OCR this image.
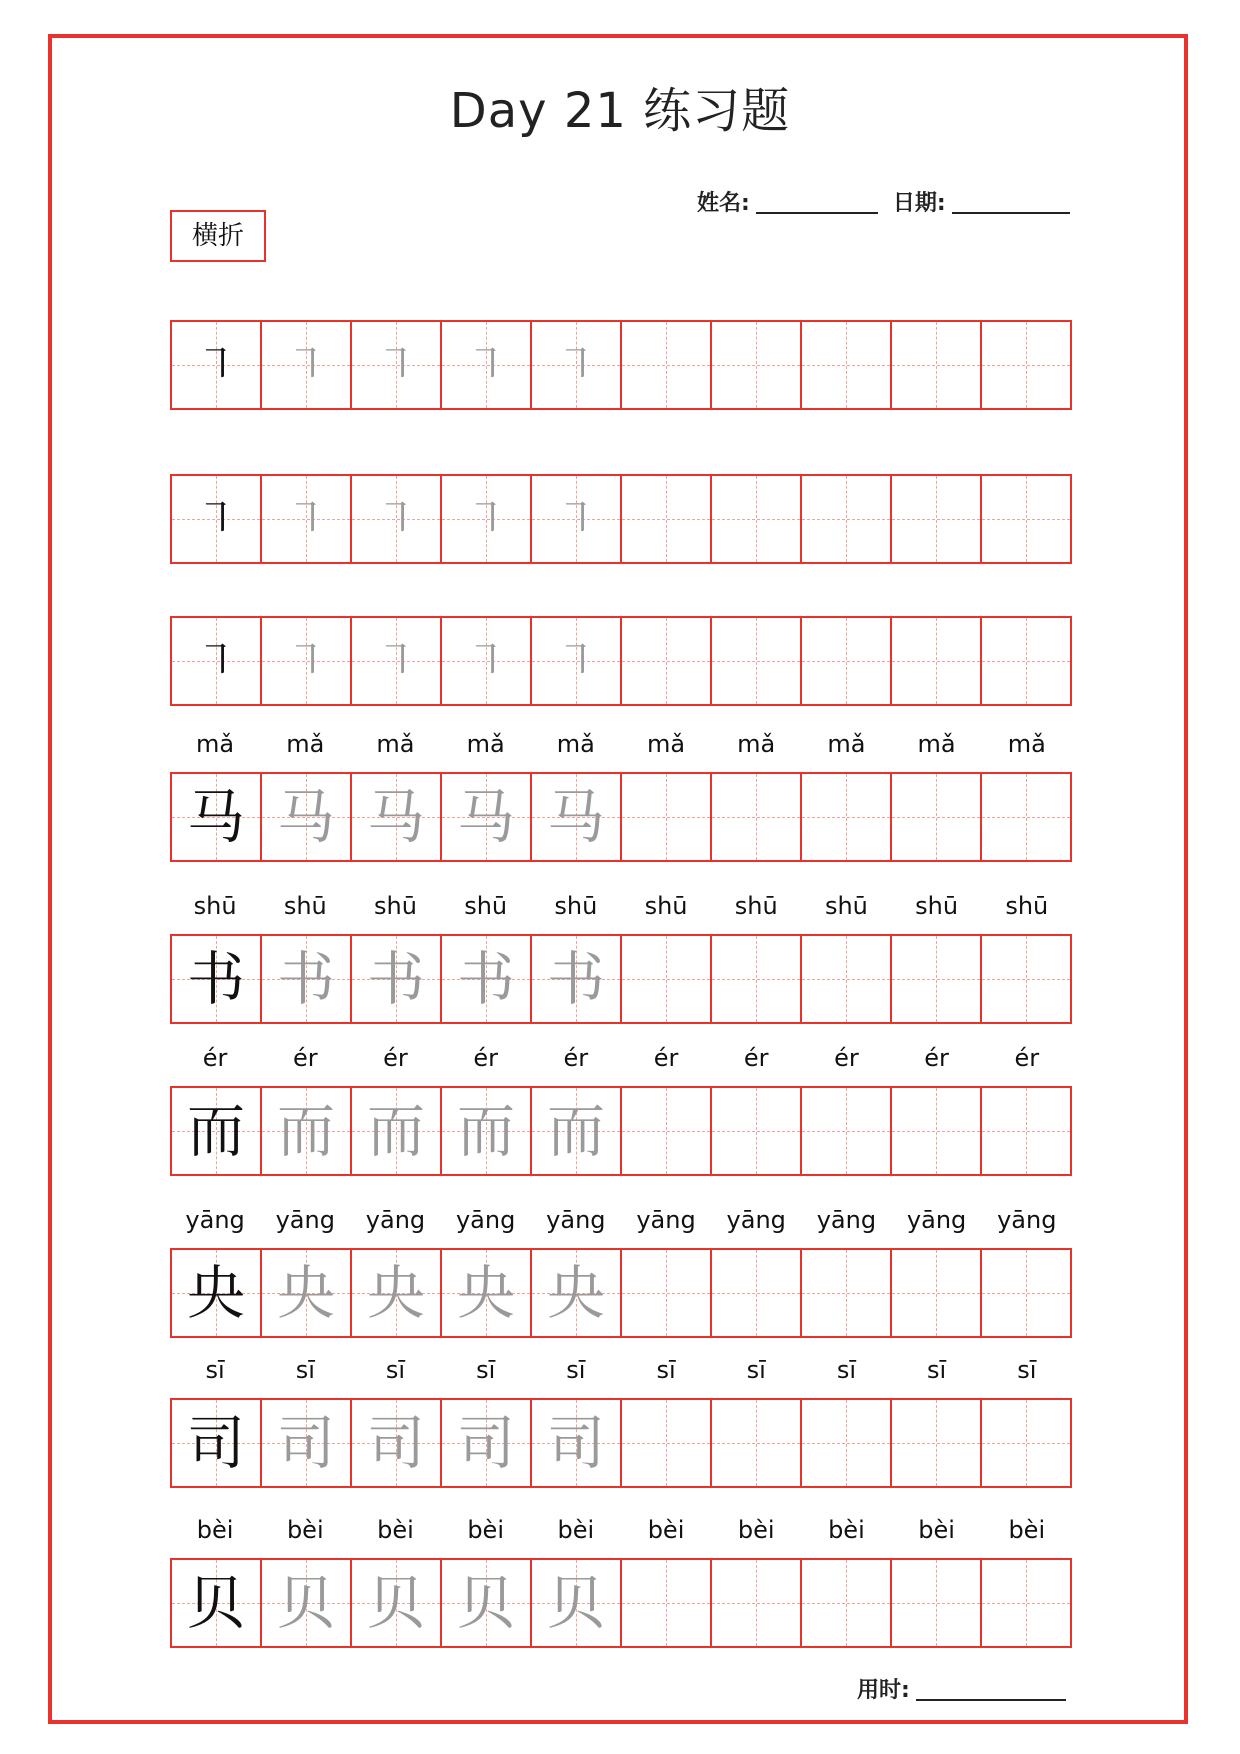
Day 21 练习题
姓名:	日期:
横折
㇕ ㇕ ㇕ ㇕ ㇕
㇕ ㇕ ㇕ ㇕ ㇕
㇕ ㇕ ㇕ ㇕ ㇕
mǎ	mǎ	mǎ	mǎ	mǎ	mǎ	mǎ	mǎ	mǎ	mǎ
马 马 马 马 马
shū	shū	shū	shū	shū	shū	shū	shū	shū	shū
书 书 书 书 书
ér	ér	ér	ér	ér	ér	ér	ér	ér	ér
而 而 而 而 而
yāng	yāng	yāng	yāng	yāng	yāng	yāng	yāng	yāng	yāng
央 央 央 央 央
sī	sī	sī	sī	sī	sī	sī	sī	sī	sī
司 司 司 司 司
bèi	bèi	bèi	bèi	bèi	bèi	bèi	bèi	bèi	bèi
贝 贝 贝 贝 贝
用时:
